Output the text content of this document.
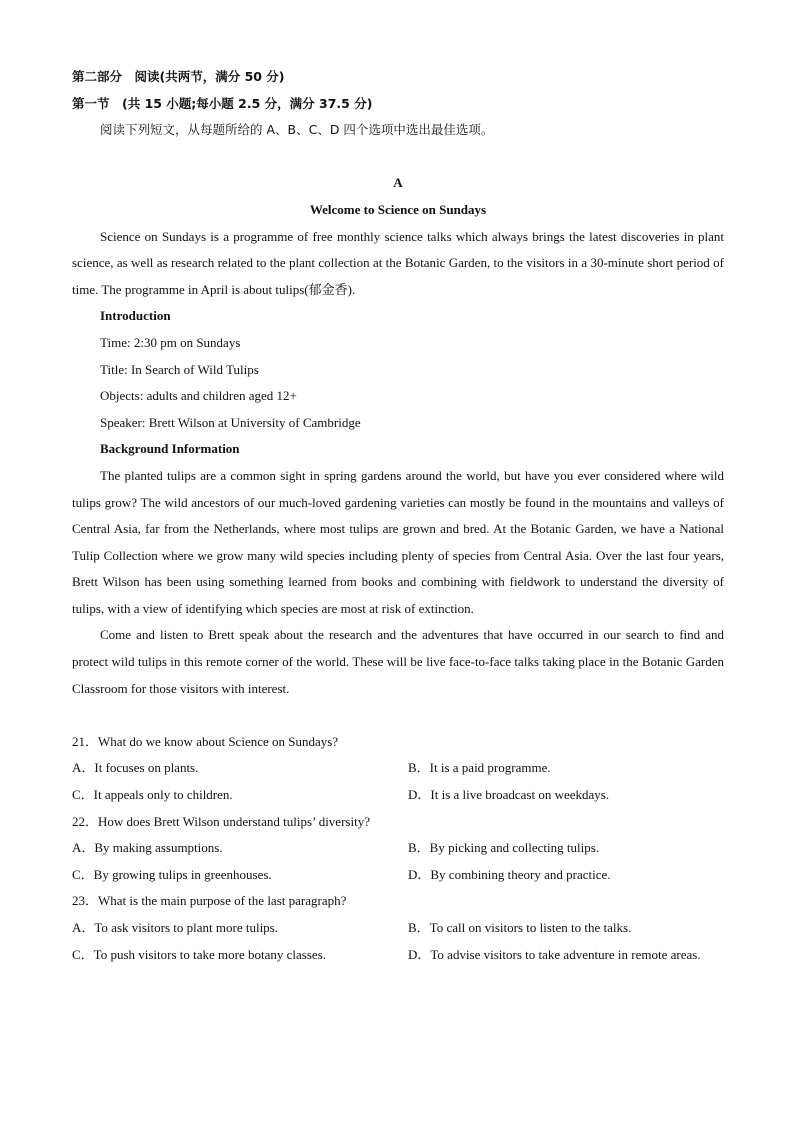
第二部分　阅读(共两节，满分 50 分)
第一节　(共 15 小题;每小题 2.5 分，满分 37.5 分)
阅读下列短文，从每题所给的 A、B、C、D 四个选项中选出最佳选项。
A
Welcome to Science on Sundays
Science on Sundays is a programme of free monthly science talks which always brings the latest discoveries in plant science, as well as research related to the plant collection at the Botanic Garden, to the visitors in a 30-minute short period of time. The programme in April is about tulips(郁金香).
Introduction
Time: 2:30 pm on Sundays
Title: In Search of Wild Tulips
Objects: adults and children aged 12+
Speaker: Brett Wilson at University of Cambridge
Background Information
The planted tulips are a common sight in spring gardens around the world, but have you ever considered where wild tulips grow? The wild ancestors of our much-loved gardening varieties can mostly be found in the mountains and valleys of Central Asia, far from the Netherlands, where most tulips are grown and bred. At the Botanic Garden, we have a National Tulip Collection where we grow many wild species including plenty of species from Central Asia. Over the last four years, Brett Wilson has been using something learned from books and combining with fieldwork to understand the diversity of tulips, with a view of identifying which species are most at risk of extinction.
Come and listen to Brett speak about the research and the adventures that have occurred in our search to find and protect wild tulips in this remote corner of the world. These will be live face-to-face talks taking place in the Botanic Garden Classroom for those visitors with interest.
21．What do we know about Science on Sundays?
A．It focuses on plants.	B．It is a paid programme.
C．It appeals only to children.	D．It is a live broadcast on weekdays.
22．How does Brett Wilson understand tulips’ diversity?
A．By making assumptions.	B．By picking and collecting tulips.
C．By growing tulips in greenhouses.	D．By combining theory and practice.
23．What is the main purpose of the last paragraph?
A．To ask visitors to plant more tulips.	B．To call on visitors to listen to the talks.
C．To push visitors to take more botany classes.	D．To advise visitors to take adventure in remote areas.
